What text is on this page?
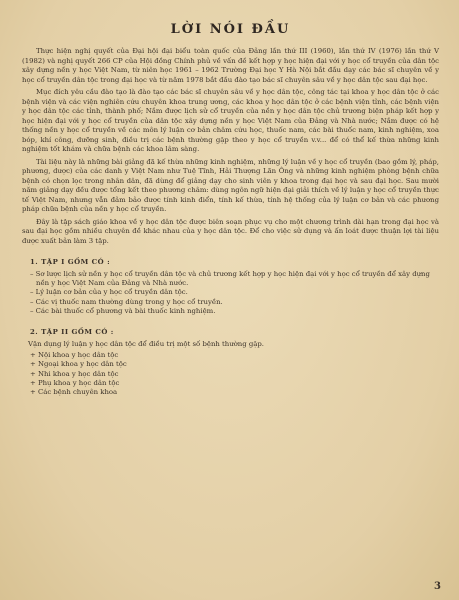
LỜI NÓI ĐẦU

Thực hiện nghị quyết của Đại hội đại biểu toàn quốc của Đảng lần thứ III (1960), lần thứ IV (1976) lần thứ V (1982) và nghị quyết 266 CP của Hội đồng Chính phủ về vấn đề kết hợp y học hiện đại với y học cổ truyền của dân tộc xây dựng nền y học Việt Nam, từ niên học 1961 – 1962 Trường Đại học Y Hà Nội bắt đầu dạy các bác sĩ chuyên về y học cổ truyền dân tộc trong đại học và từ năm 1978 bắt đầu đào tạo bác sĩ chuyên sâu về y học dân tộc sau đại học.

Mục đích yêu cầu đào tạo là đào tạo các bác sĩ chuyên sâu về y học dân tộc, công tác tại khoa y học dân tộc ở các bệnh viện và các viện nghiên cứu chuyên khoa trung ương, các khoa y học dân tộc ở các bệnh viện tỉnh, các bệnh viện y học dân tộc các tỉnh, thành phố; Nắm được lịch sử cổ truyền của nền y học dân tộc chủ trương biện pháp kết hợp y học hiện đại với y học cổ truyền của dân tộc xây dựng nền y học Việt Nam của Đảng và Nhà nước; Nắm được có hệ thống nền y học cổ truyền về các môn lý luận cơ bản châm cứu học, thuốc nam, các bài thuốc nam, kinh nghiệm, xoa bóp, khí công, dưỡng sinh, điều trị các bệnh thường gặp theo y học cổ truyền v.v... để có thể kế thừa những kinh nghiệm tốt khám và chữa bệnh các khoa lâm sàng.

Tài liệu này là những bài giảng đã kế thừa những kinh nghiệm, những lý luận về y học cổ truyền (bao gồm lý, pháp, phương, dược) của các danh y Việt Nam như Tuệ Tĩnh, Hải Thượng Lãn Ông và những kinh nghiệm phòng bệnh chữa bệnh có chọn lọc trong nhân dân, đã dùng để giảng dạy cho sinh viên y khoa trong đại học và sau đại học. Sau mười năm giảng dạy đều được tổng kết theo phương châm: dùng ngôn ngữ hiện đại giải thích về lý luận y học cổ truyền thực tế Việt Nam, nhưng vẫn đảm bảo được tính kinh điển, tính kế thừa, tính hệ thống của lý luận cơ bản và các phương pháp chữa bệnh của nền y học cổ truyền.

Đây là tập sách giáo khoa về y học dân tộc được biên soạn phục vụ cho một chương trình dài hạn trong đại học và sau đại học gồm nhiều chuyên đề khác nhau của y học dân tộc. Để cho việc sử dụng và ấn loát được thuận lợi tài liệu được xuất bản làm 3 tập.

1. TẬP I GỒM CÓ :
– Sơ lược lịch sử nền y học cổ truyền dân tộc và chủ trương kết hợp y học hiện đại với y học cổ truyền để xây dựng nền y học Việt Nam của Đảng và Nhà nước.
– Lý luận cơ bản của y học cổ truyền dân tộc.
– Các vị thuốc nam thường dùng trong y học cổ truyền.
– Các bài thuốc cổ phương và bài thuốc kinh nghiệm.
2. TẬP II GỒM CÓ :
Vận dụng lý luận y học dân tộc để điều trị một số bệnh thường gặp.
+ Nội khoa y học dân tộc
+ Ngoại khoa y học dân tộc
+ Nhi khoa y học dân tộc
+ Phụ khoa y học dân tộc
+ Các bệnh chuyên khoa
3
